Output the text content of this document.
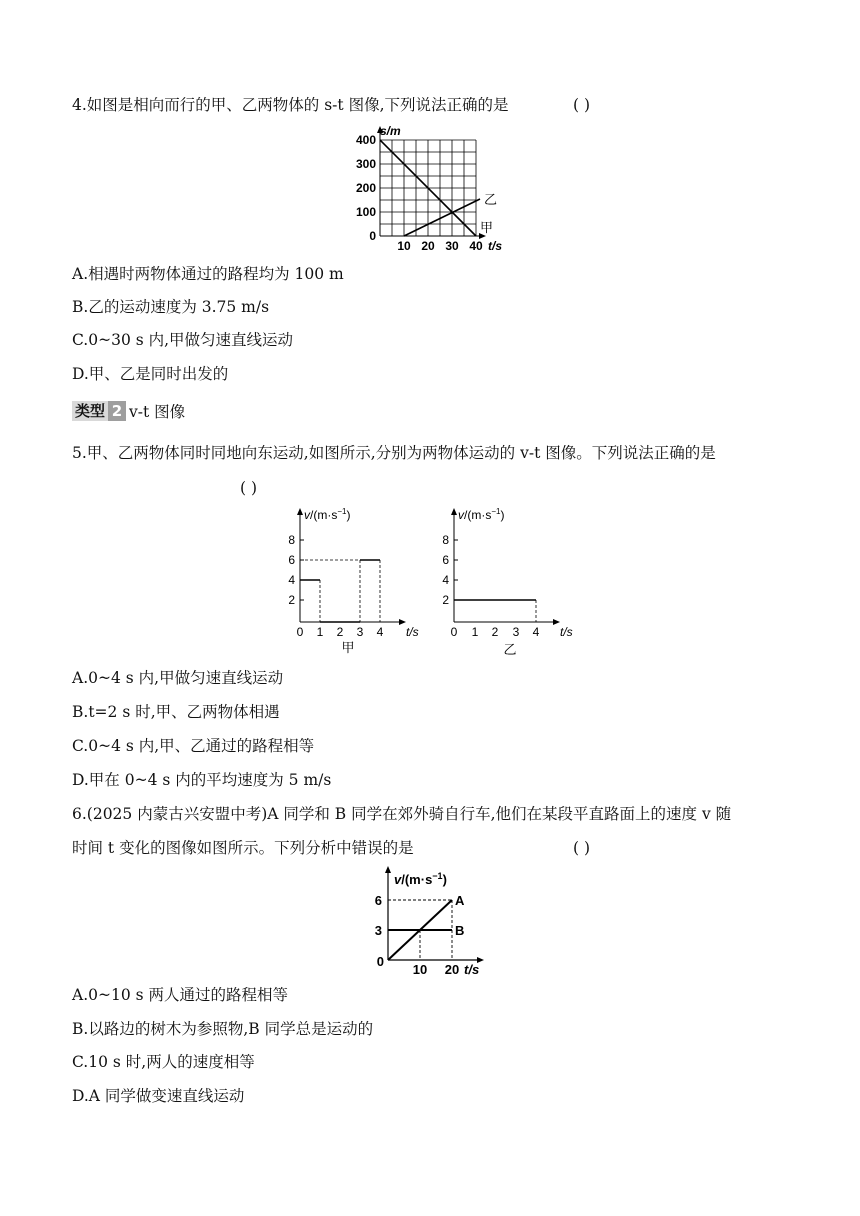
4.如图是相向而行的甲、乙两物体的 s-t 图像,下列说法正确的是	( )
s/m
400
300
200
100
0
10 20 30 40 t/s
乙
甲
A.相遇时两物体通过的路程均为 100 m
B.乙的运动速度为 3.75 m/s
C.0~30 s 内,甲做匀速直线运动
D.甲、乙是同时出发的
类型 2 v-t 图像
5.甲、乙两物体同时同地向东运动,如图所示,分别为两物体运动的 v-t 图像。下列说法正确的是
( )
$v/(m\cdot s^{-1})$
8
6
4
2
0 1 2 3 4 t/s
甲
$v/(m\cdot s^{-1})$
8
6
4
2
0 1 2 3 4 t/s
乙
A.0~4 s 内,甲做匀速直线运动
B.t=2 s 时,甲、乙两物体相遇
C.0~4 s 内,甲、乙通过的路程相等
D.甲在 0~4 s 内的平均速度为 5 m/s
6.(2025 内蒙古兴安盟中考)A 同学和 B 同学在郊外骑自行车,他们在某段平直路面上的速度 v 随
时间 t 变化的图像如图所示。下列分析中错误的是	( )
$v/(m\cdot s^{-1})$
6
3
0
10 20 t/s
A
B
A.0~10 s 两人通过的路程相等
B.以路边的树木为参照物,B 同学总是运动的
C.10 s 时,两人的速度相等
D.A 同学做变速直线运动
